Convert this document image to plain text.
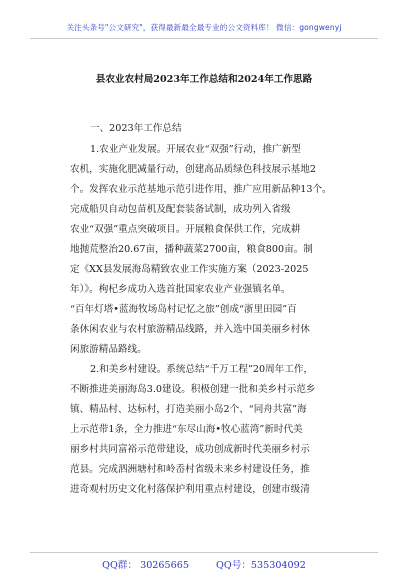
关注头条号"公文研究"，获得最新最全最专业的公文资料库！ 微信：gongwenyj
县农业农村局2023年工作总结和2024年工作思路
一、2023年工作总结
1.农业产业发展。开展农业“双强”行动，推广新型
农机，实施化肥减量行动，创建高品质绿色科技展示基地2
个。发挥农业示范基地示范引进作用，推广应用新品种13个。
完成船贝自动包苗机及配套装备试制，成功列入省级
农业“双强”重点突破项目。开展粮食保供工作，完成耕
地抛荒整治20.67亩，播种蔬菜2700亩，粮食800亩。制
定《XX县发展海岛精致农业工作实施方案（2023-2025
年）》。枸杞乡成功入选首批国家农业产业强镇名单。
“百年灯塔•蓝海牧场岛村记忆之旅”创成“浙里田园”百
条休闲农业与农村旅游精品线路，并入选中国美丽乡村休
闲旅游精品路线。
2.和美乡村建设。系统总结“千万工程”20周年工作，
不断推进美丽海岛3.0建设。积极创建一批和美乡村示范乡
镇、精品村、达标村，打造美丽小岛2个、“同舟共富”海
上示范带1条，全力推进“东尽山海•牧心蓝湾”新时代美
丽乡村共同富裕示范带建设，成功创成新时代美丽乡村示
范县。完成泗洲塘村和岭岙村省级未来乡村建设任务，推
进奇观村历史文化村落保护利用重点村建设，创建市级清
QQ群： 30265665	QQ号：535304092
